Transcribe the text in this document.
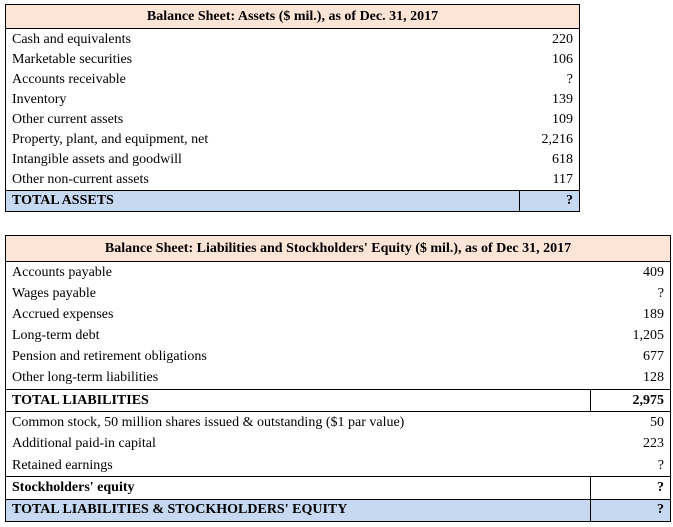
Balance Sheet: Assets ($ mil.), as of Dec. 31, 2017	
Cash and equivalents	220
Marketable securities	106
Accounts receivable	?
Inventory	139
Other current assets	109
Property, plant, and equipment, net	2,216
Intangible assets and goodwill	618
Other non-current assets	117
TOTAL ASSETS	?
Balance Sheet: Liabilities and Stockholders' Equity ($ mil.), as of Dec 31, 2017	
Accounts payable	409
Wages payable	?
Accrued expenses	189
Long-term debt	1,205
Pension and retirement obligations	677
Other long-term liabilities	128
TOTAL LIABILITIES	2,975
Common stock, 50 million shares issued & outstanding ($1 par value)	50
Additional paid-in capital	223
Retained earnings	?
Stockholders' equity	?
TOTAL LIABILITIES & STOCKHOLDERS' EQUITY	?
